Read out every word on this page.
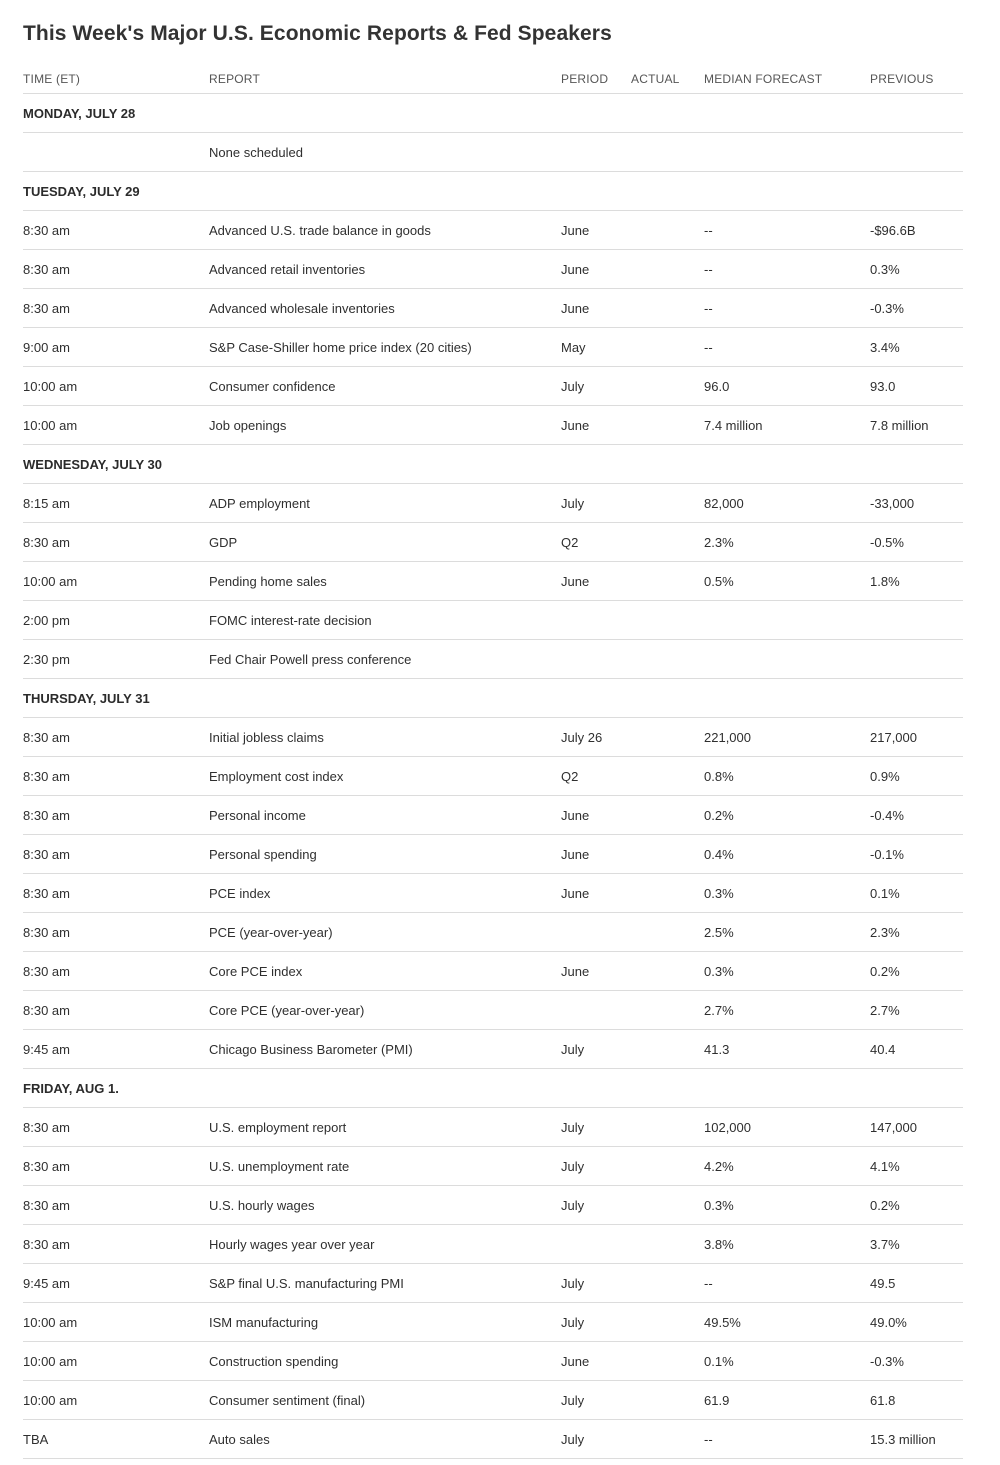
This Week's Major U.S. Economic Reports & Fed Speakers
TIME (ET)	REPORT	PERIOD	ACTUAL	MEDIAN FORECAST	PREVIOUS
MONDAY, JULY 28					
	None scheduled				
TUESDAY, JULY 29					
8:30 am	Advanced U.S. trade balance in goods	June		--	-$96.6B
8:30 am	Advanced retail inventories	June		--	0.3%
8:30 am	Advanced wholesale inventories	June		--	-0.3%
9:00 am	S&P Case-Shiller home price index (20 cities)	May		--	3.4%
10:00 am	Consumer confidence	July		96.0	93.0
10:00 am	Job openings	June		7.4 million	7.8 million
WEDNESDAY, JULY 30					
8:15 am	ADP employment	July		82,000	-33,000
8:30 am	GDP	Q2		2.3%	-0.5%
10:00 am	Pending home sales	June		0.5%	1.8%
2:00 pm	FOMC interest-rate decision				
2:30 pm	Fed Chair Powell press conference				
THURSDAY, JULY 31					
8:30 am	Initial jobless claims	July 26		221,000	217,000
8:30 am	Employment cost index	Q2		0.8%	0.9%
8:30 am	Personal income	June		0.2%	-0.4%
8:30 am	Personal spending	June		0.4%	-0.1%
8:30 am	PCE index	June		0.3%	0.1%
8:30 am	PCE (year-over-year)			2.5%	2.3%
8:30 am	Core PCE index	June		0.3%	0.2%
8:30 am	Core PCE (year-over-year)			2.7%	2.7%
9:45 am	Chicago Business Barometer (PMI)	July		41.3	40.4
FRIDAY, AUG 1.					
8:30 am	U.S. employment report	July		102,000	147,000
8:30 am	U.S. unemployment rate	July		4.2%	4.1%
8:30 am	U.S. hourly wages	July		0.3%	0.2%
8:30 am	Hourly wages year over year			3.8%	3.7%
9:45 am	S&P final U.S. manufacturing PMI	July		--	49.5
10:00 am	ISM manufacturing	July		49.5%	49.0%
10:00 am	Construction spending	June		0.1%	-0.3%
10:00 am	Consumer sentiment (final)	July		61.9	61.8
TBA	Auto sales	July		--	15.3 million
